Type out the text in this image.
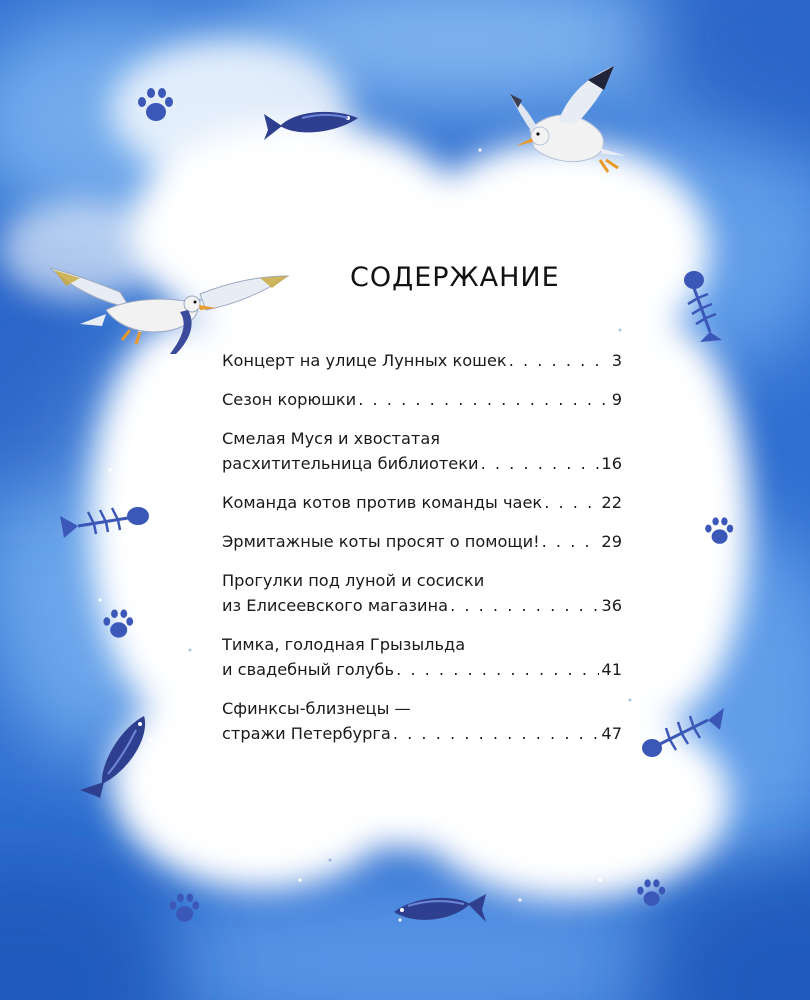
СОДЕРЖАНИЕ
Концерт на улице Лунных кошек . . .	3
Сезон корюшки . . .	9
Смелая Муся и хвостатая
расхитительница библиотеки . . .	16
Команда котов против команды чаек . . .	22
Эрмитажные коты просят о помощи! . . .	29
Прогулки под луной и сосиски
из Елисеевского магазина . . .	36
Тимка, голодная Грызыльда
и свадебный голубь . . .	41
Сфинксы-близнецы —
стражи Петербурга . . .	47
